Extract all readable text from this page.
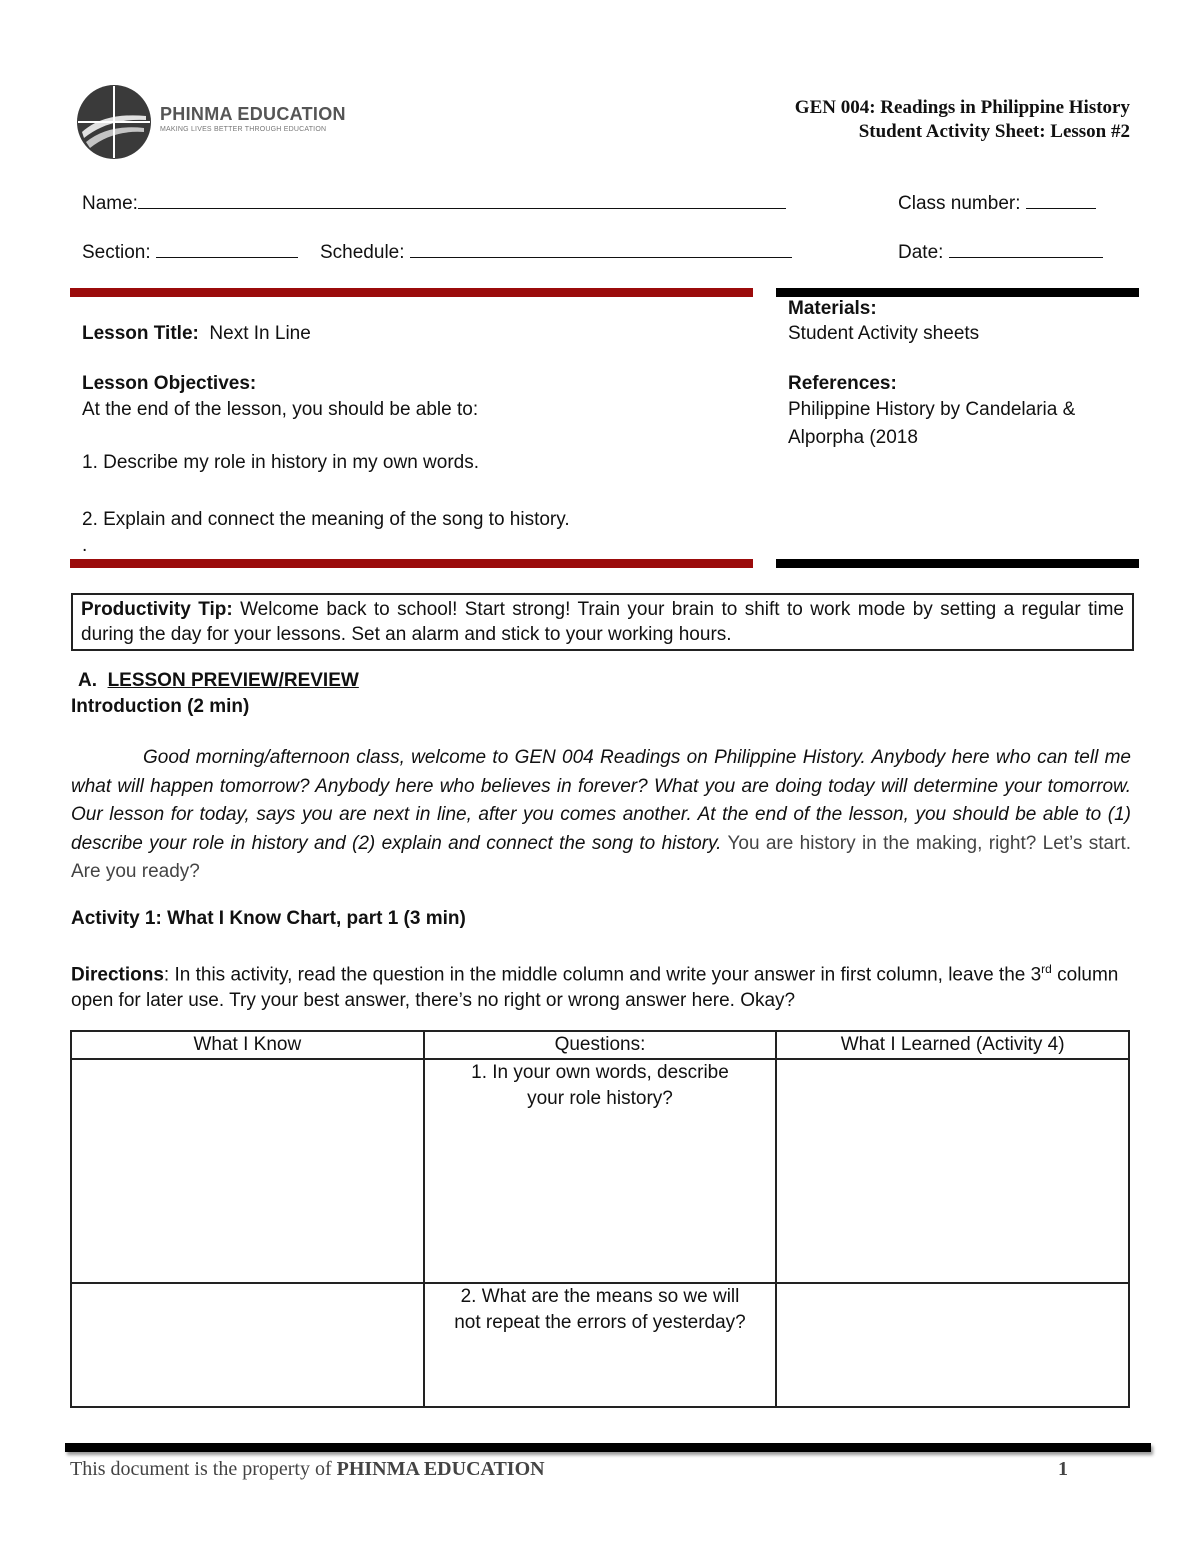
PHINMA EDUCATION
MAKING LIVES BETTER THROUGH EDUCATION
GEN 004: Readings in Philippine History
Student Activity Sheet: Lesson #2
Name:	Class number:
Section:	Schedule:	Date:
Lesson Title: Next In Line
Lesson Objectives:
At the end of the lesson, you should be able to:
1. Describe my role in history in my own words.
2. Explain and connect the meaning of the song to history.
.
Materials:
Student Activity sheets
References:
Philippine History by Candelaria &
Alporpha (2018
Productivity Tip: Welcome back to school! Start strong! Train your brain to shift to work mode by setting a regular time during the day for your lessons. Set an alarm and stick to your working hours.
A. LESSON PREVIEW/REVIEW
Introduction (2 min)
Good morning/afternoon class, welcome to GEN 004 Readings on Philippine History. Anybody here who can tell me what will happen tomorrow? Anybody here who believes in forever? What you are doing today will determine your tomorrow. Our lesson for today, says you are next in line, after you comes another. At the end of the lesson, you should be able to (1) describe your role in history and (2) explain and connect the song to history. You are history in the making, right? Let’s start. Are you ready?
Activity 1: What I Know Chart, part 1 (3 min)
Directions: In this activity, read the question in the middle column and write your answer in first column, leave the 3rd column open for later use. Try your best answer, there’s no right or wrong answer here. Okay?
What I Know	Questions:	What I Learned (Activity 4)

	1. In your own words, describe
your role history?	

	2. What are the means so we will
not repeat the errors of yesterday?	

This document is the property of PHINMA EDUCATION	1
